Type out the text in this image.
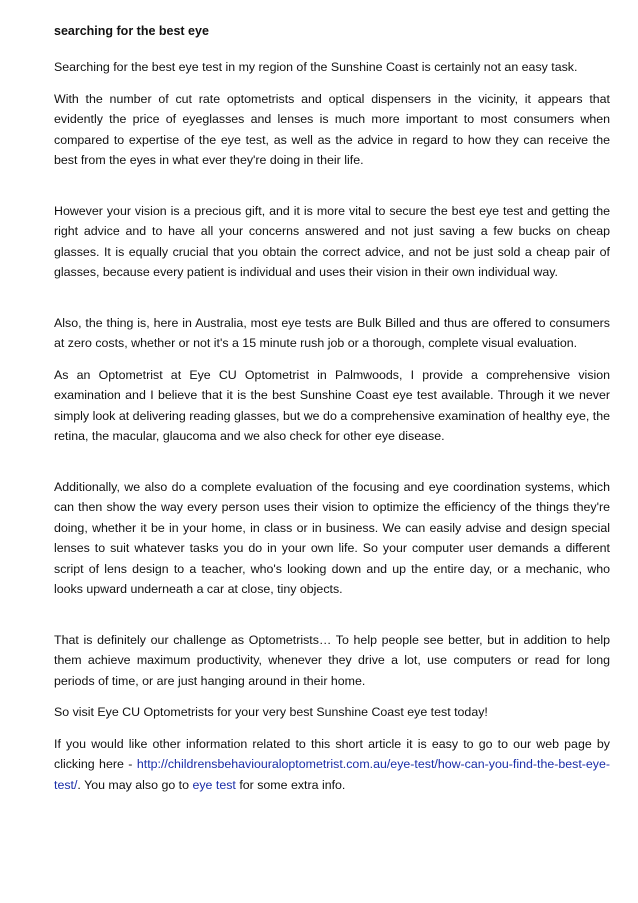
searching for the best eye

Searching for the best eye test in my region of the Sunshine Coast is certainly not an easy task.

With the number of cut rate optometrists and optical dispensers in the vicinity, it appears that evidently the price of eyeglasses and lenses is much more important to most consumers when compared to expertise of the eye test, as well as the advice in regard to how they can receive the best from the eyes in what ever they're doing in their life.

However your vision is a precious gift, and it is more vital to secure the best eye test and getting the right advice and to have all your concerns answered and not just saving a few bucks on cheap glasses. It is equally crucial that you obtain the correct advice, and not be just sold a cheap pair of glasses, because every patient is individual and uses their vision in their own individual way.

Also, the thing is, here in Australia, most eye tests are Bulk Billed and thus are offered to consumers at zero costs, whether or not it's a 15 minute rush job or a thorough, complete visual evaluation.

As an Optometrist at Eye CU Optometrist in Palmwoods, I provide a comprehensive vision examination and I believe that it is the best Sunshine Coast eye test available. Through it we never simply look at delivering reading glasses, but we do a comprehensive examination of healthy eye, the retina, the macular, glaucoma and we also check for other eye disease.

Additionally, we also do a complete evaluation of the focusing and eye coordination systems, which can then show the way every person uses their vision to optimize the efficiency of the things they're doing, whether it be in your home, in class or in business. We can easily advise and design special lenses to suit whatever tasks you do in your own life. So your computer user demands a different script of lens design to a teacher, who's looking down and up the entire day, or a mechanic, who looks upward underneath a car at close, tiny objects.

That is definitely our challenge as Optometrists… To help people see better, but in addition to help them achieve maximum productivity, whenever they drive a lot, use computers or read for long periods of time, or are just hanging around in their home.

So visit Eye CU Optometrists for your very best Sunshine Coast eye test today!

If you would like other information related to this short article it is easy to go to our web page by clicking here - http://childrensbehaviouraloptometrist.com.au/eye-test/how-can-you-find-the-best-eye-test/. You may also go to eye test for some extra info.
